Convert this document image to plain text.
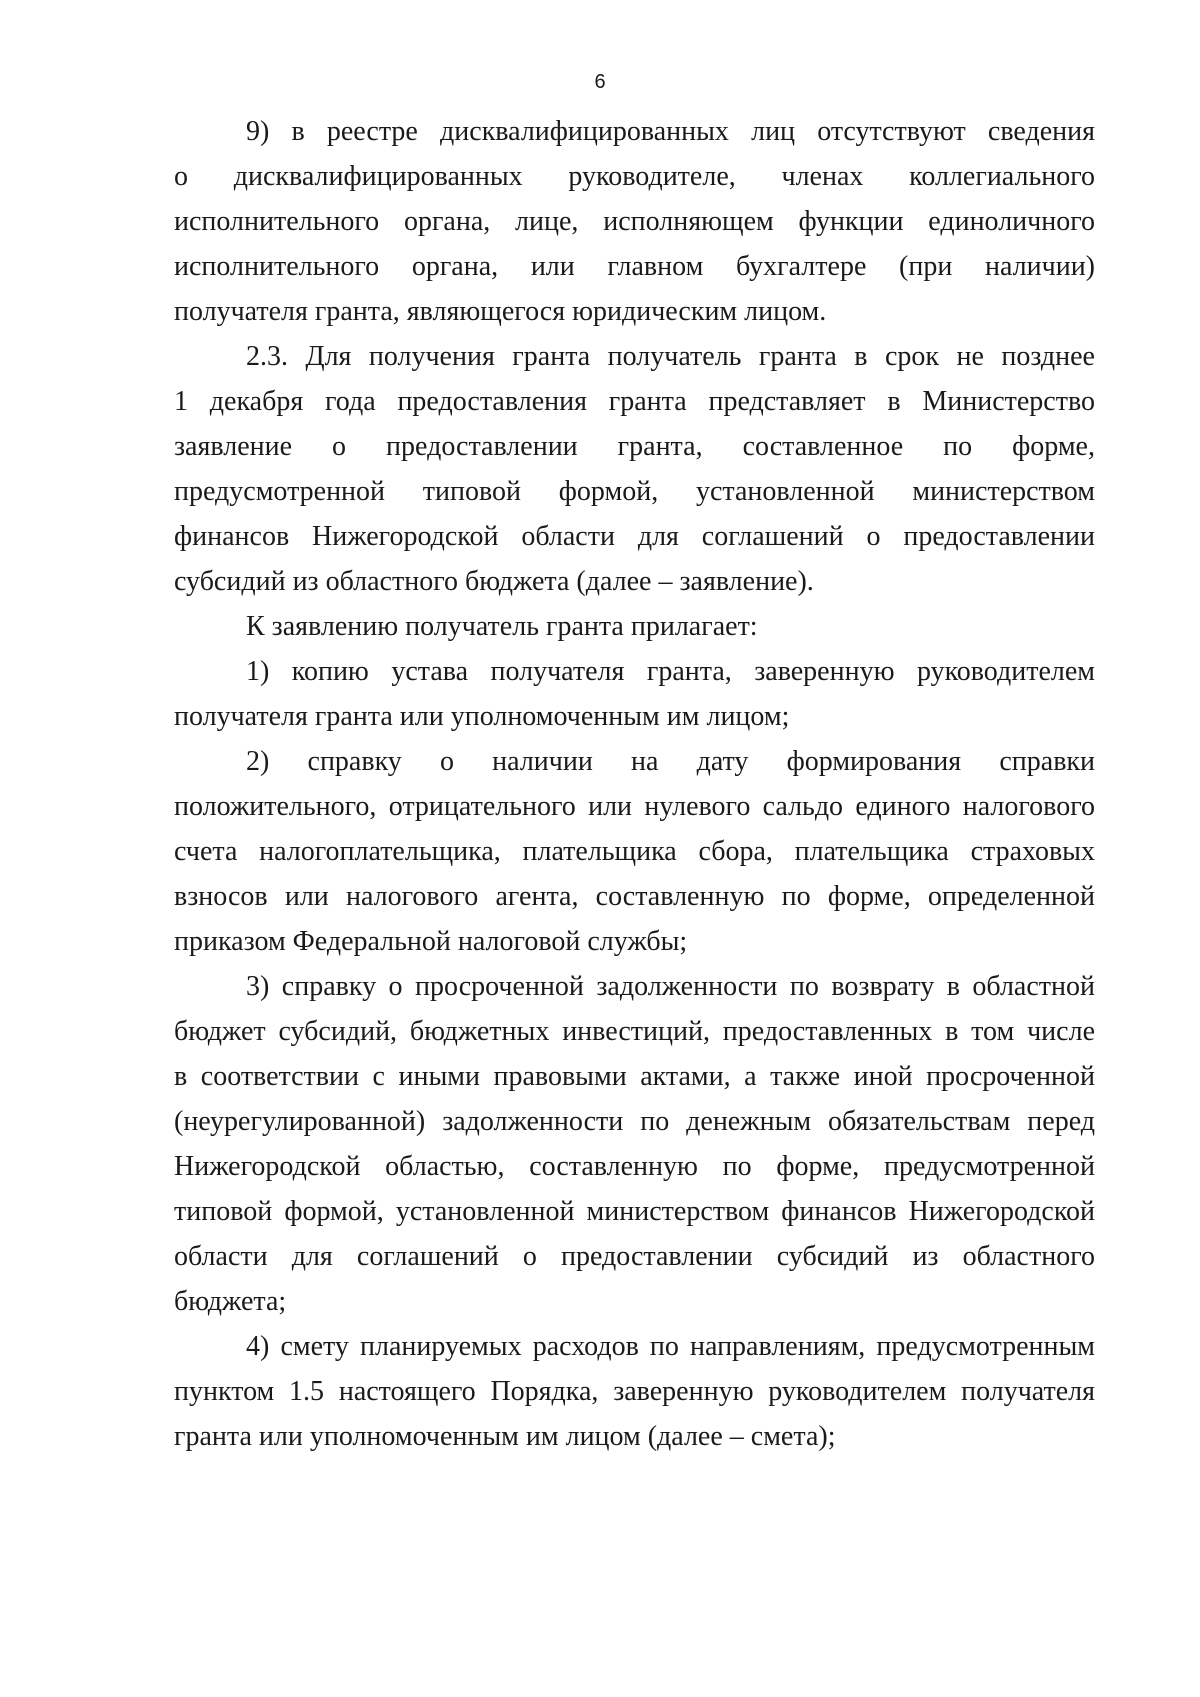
6

9) в реестре дисквалифицированных лиц отсутствуют сведения

о дисквалифицированных руководителе, членах коллегиального

исполнительного органа, лице, исполняющем функции единоличного

исполнительного органа, или главном бухгалтере (при наличии)

получателя гранта, являющегося юридическим лицом.

2.3. Для получения гранта получатель гранта в срок не позднее

1 декабря года предоставления гранта представляет в Министерство

заявление о предоставлении гранта, составленное по форме,

предусмотренной типовой формой, установленной министерством

финансов Нижегородской области для соглашений о предоставлении

субсидий из областного бюджета (далее – заявление).

К заявлению получатель гранта прилагает:

1) копию устава получателя гранта, заверенную руководителем

получателя гранта или уполномоченным им лицом;

2) справку о наличии на дату формирования справки

положительного, отрицательного или нулевого сальдо единого налогового

счета налогоплательщика, плательщика сбора, плательщика страховых

взносов или налогового агента, составленную по форме, определенной

приказом Федеральной налоговой службы;

3) справку о просроченной задолженности по возврату в областной

бюджет субсидий, бюджетных инвестиций, предоставленных в том числе

в соответствии с иными правовыми актами, а также иной просроченной

(неурегулированной) задолженности по денежным обязательствам перед

Нижегородской областью, составленную по форме, предусмотренной

типовой формой, установленной министерством финансов Нижегородской

области для соглашений о предоставлении субсидий из областного

бюджета;

4) смету планируемых расходов по направлениям, предусмотренным

пунктом 1.5 настоящего Порядка, заверенную руководителем получателя

гранта или уполномоченным им лицом (далее – смета);
